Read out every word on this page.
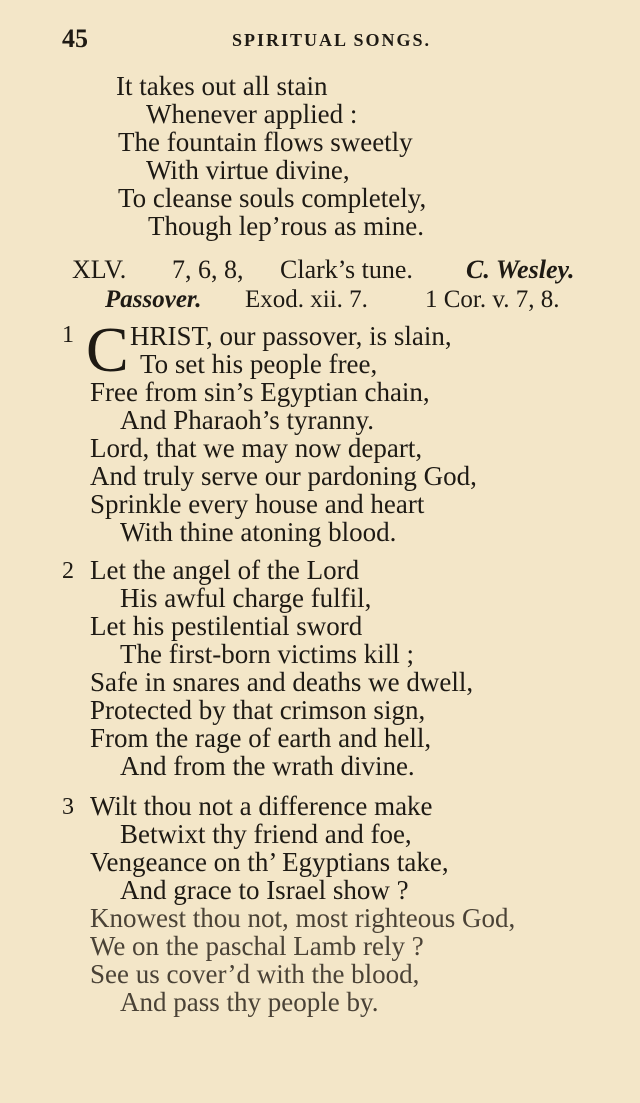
45	SPIRITUAL SONGS.
It takes out all stain
Whenever applied :
The fountain flows sweetly
With virtue divine,
To cleanse souls completely,
Though lep’rous as mine.
XLV. 7, 6, 8, Clark’s tune. C. Wesley.
Passover. Exod. xii. 7. 1 Cor. v. 7, 8.
1 C HRIST, our passover, is slain,
To set his people free,
Free from sin’s Egyptian chain,
And Pharaoh’s tyranny.
Lord, that we may now depart,
And truly serve our pardoning God,
Sprinkle every house and heart
With thine atoning blood.
2 Let the angel of the Lord
His awful charge fulfil,
Let his pestilential sword
The first-born victims kill ;
Safe in snares and deaths we dwell,
Protected by that crimson sign,
From the rage of earth and hell,
And from the wrath divine.
3 Wilt thou not a difference make
Betwixt thy friend and foe,
Vengeance on th’ Egyptians take,
And grace to Israel show ?
Knowest thou not, most righteous God,
We on the paschal Lamb rely ?
See us cover’d with the blood,
And pass thy people by.
